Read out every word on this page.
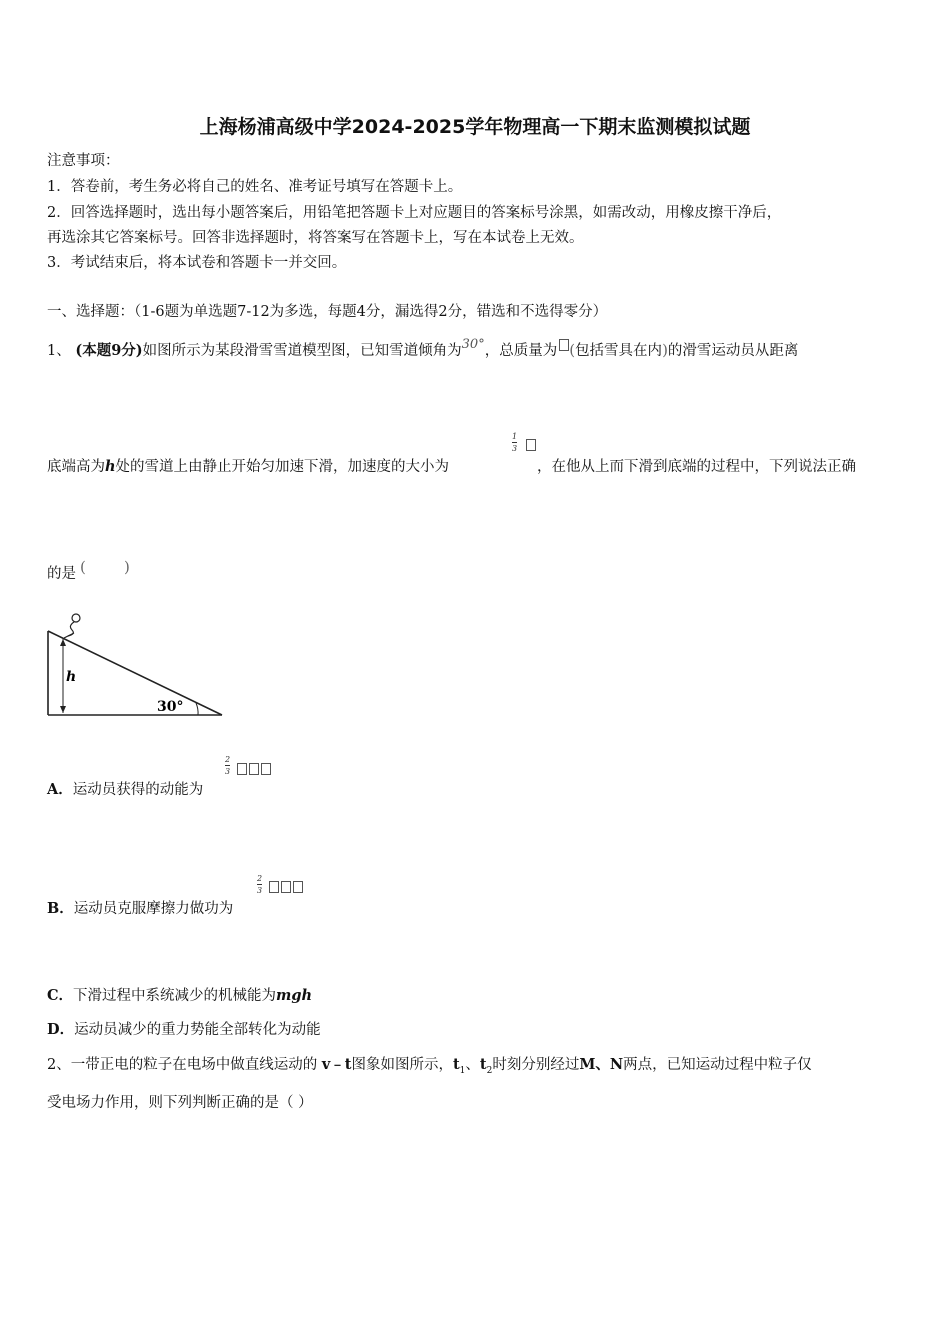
上海杨浦高级中学2024-2025学年物理高一下期末监测模拟试题
注意事项：
1．答卷前，考生务必将自己的姓名、准考证号填写在答题卡上。
2．回答选择题时，选出每小题答案后，用铅笔把答题卡上对应题目的答案标号涂黑，如需改动，用橡皮擦干净后，
再选涂其它答案标号。回答非选择题时，将答案写在答题卡上，写在本试卷上无效。
3．考试结束后，将本试卷和答题卡一并交回。
一、选择题：（1-6题为单选题7-12为多选，每题4分，漏选得2分，错选和不选得零分）
1、 (本题9分)如图所示为某段滑雪雪道模型图，已知雪道倾角为30°，总质量为 (包括雪具在内)的滑雪运动员从距离
底端高为h处的雪道上由静止开始匀加速下滑，加速度的大小为
1
3
，在他从上而下滑到底端的过程中，下列说法正确
的是 (	)
h
30°
A．运动员获得的动能为
2
3
B．运动员克服摩擦力做功为
2
3
C．下滑过程中系统减少的机械能为mgh
D．运动员减少的重力势能全部转化为动能
2、一带正电的粒子在电场中做直线运动的 v﹣t图象如图所示，$t_1$、$t_2$时刻分别经过M、N两点，已知运动过程中粒子仅
受电场力作用，则下列判断正确的是（ ）
